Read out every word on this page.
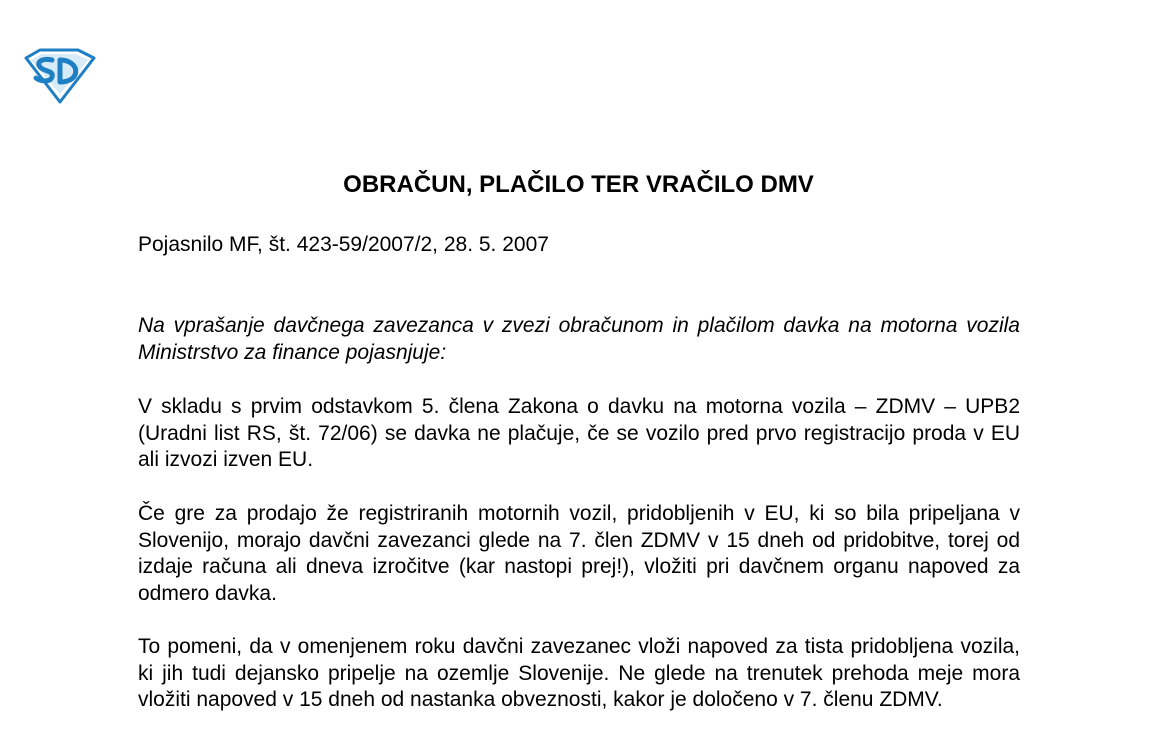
OBRAČUN, PLAČILO TER VRAČILO DMV

Pojasnilo MF, št. 423-59/2007/2, 28. 5. 2007

Na vprašanje davčnega zavezanca v zvezi obračunom in plačilom davka na motorna vozila Ministrstvo za finance pojasnjuje:

V skladu s prvim odstavkom 5. člena Zakona o davku na motorna vozila – ZDMV – UPB2 (Uradni list RS, št. 72/06) se davka ne plačuje, če se vozilo pred prvo registracijo proda v EU ali izvozi izven EU.

Če gre za prodajo že registriranih motornih vozil, pridobljenih v EU, ki so bila pripeljana v Slovenijo, morajo davčni zavezanci glede na 7. člen ZDMV v 15 dneh od pridobitve, torej od izdaje računa ali dneva izročitve (kar nastopi prej!), vložiti pri davčnem organu napoved za odmero davka.

To pomeni, da v omenjenem roku davčni zavezanec vloži napoved za tista pridobljena vozila, ki jih tudi dejansko pripelje na ozemlje Slovenije. Ne glede na trenutek prehoda meje mora vložiti napoved v 15 dneh od nastanka obveznosti, kakor je določeno v 7. členu ZDMV.
